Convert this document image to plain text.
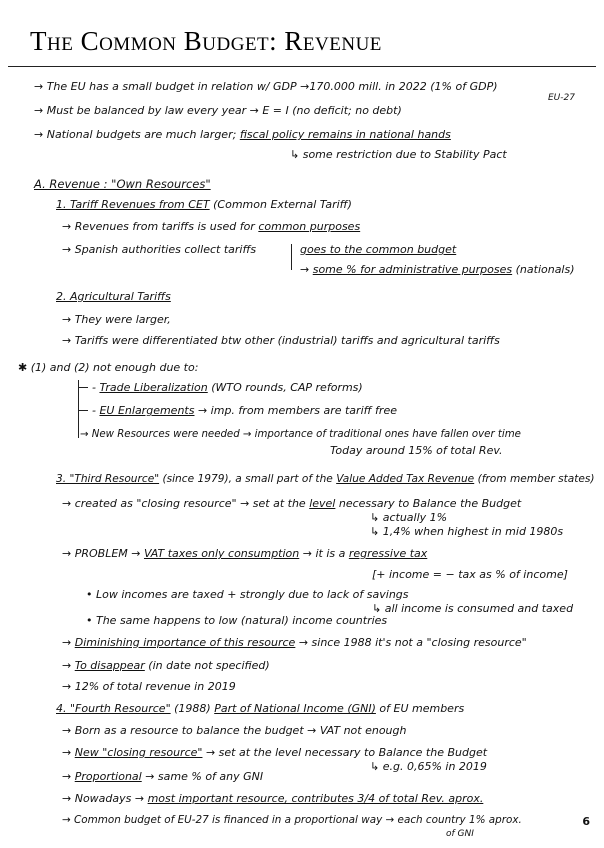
The Common Budget: Revenue
→ The EU has a small budget in relation w/ GDP →170.000 mill. in 2022 (1% of GDP)
EU-27
→ Must be balanced by law every year → E = I (no deficit; no debt)
→ National budgets are much larger; fiscal policy remains in national hands
↳ some restriction due to Stability Pact
A. Revenue : "Own Resources"
1. Tariff Revenues from CET (Common External Tariff)
→ Revenues from tariffs is used for common purposes
→ Spanish authorities collect tariffs	goes to the common budget
→ some % for administrative purposes (nationals)
2. Agricultural Tariffs
→ They were larger,
→ Tariffs were differentiated btw other (industrial) tariffs and agricultural tariffs
✱ (1) and (2) not enough due to:
- Trade Liberalization (WTO rounds, CAP reforms)
- EU Enlargements → imp. from members are tariff free
→ New Resources were needed → importance of traditional ones have fallen over time
Today around 15% of total Rev.
3. "Third Resource" (since 1979), a small part of the Value Added Tax Revenue (from member states)
→ created as "closing resource" → set at the level necessary to Balance the Budget
↳ actually 1%
↳ 1,4% when highest in mid 1980s
→ PROBLEM → VAT taxes only consumption → it is a regressive tax
[+ income = − tax as % of income]
• Low incomes are taxed + strongly due to lack of savings
↳ all income is consumed and taxed
• The same happens to low (natural) income countries
→ Diminishing importance of this resource → since 1988 it's not a "closing resource"
→ To disappear (in date not specified)
→ 12% of total revenue in 2019
4. "Fourth Resource" (1988) Part of National Income (GNI) of EU members
→ Born as a resource to balance the budget → VAT not enough
→ New "closing resource" → set at the level necessary to Balance the Budget
↳ e.g. 0,65% in 2019
→ Proportional → same % of any GNI
→ Nowadays → most important resource, contributes 3/4 of total Rev. aprox.
→ Common budget of EU-27 is financed in a proportional way → each country 1% aprox.
of GNI
6
